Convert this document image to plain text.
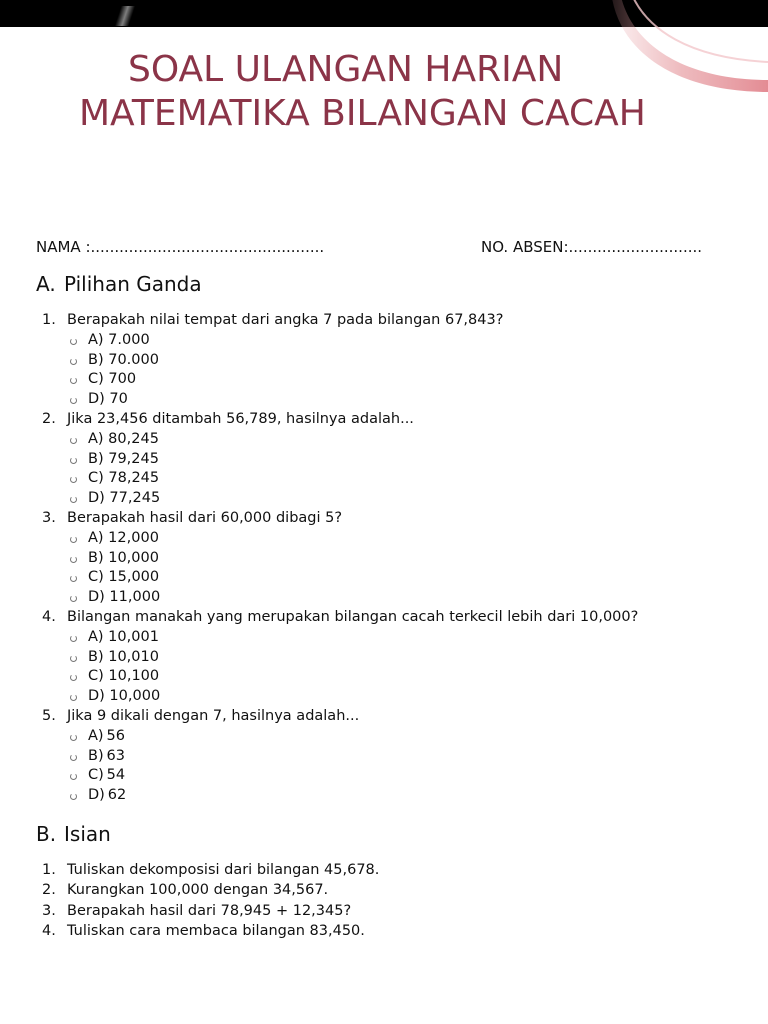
SOAL ULANGAN HARIAN
MATEMATIKA BILANGAN CACAH
NAMA :.................................................	NO. ABSEN:............................
A. Pilihan Ganda
1. Berapakah nilai tempat dari angka 7 pada bilangan 67,843?
A) 7.000
B) 70.000
C) 700
D) 70
2. Jika 23,456 ditambah 56,789, hasilnya adalah...
A) 80,245
B) 79,245
C) 78,245
D) 77,245
3. Berapakah hasil dari 60,000 dibagi 5?
A) 12,000
B) 10,000
C) 15,000
D) 11,000
4. Bilangan manakah yang merupakan bilangan cacah terkecil lebih dari 10,000?
A) 10,001
B) 10,010
C) 10,100
D) 10,000
5. Jika 9 dikali dengan 7, hasilnya adalah...
A) 56
B) 63
C) 54
D) 62
B. Isian
1. Tuliskan dekomposisi dari bilangan 45,678.
2. Kurangkan 100,000 dengan 34,567.
3. Berapakah hasil dari 78,945 + 12,345?
4. Tuliskan cara membaca bilangan 83,450.
